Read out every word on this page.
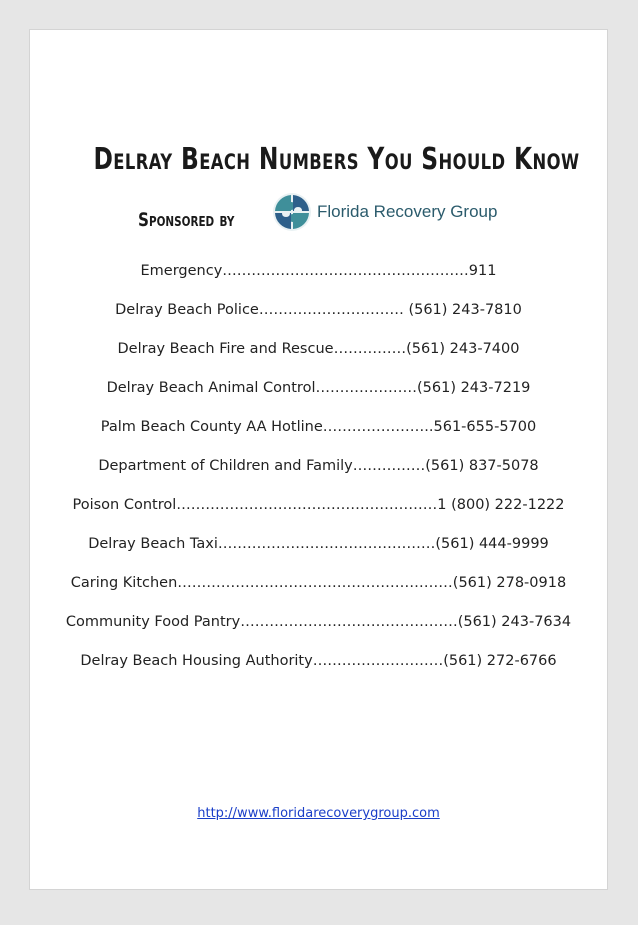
Delray Beach Numbers You Should Know
Sponsored by	Florida Recovery Group
Emergency……………………………………………911
Delray Beach Police………………………… (561) 243-7810
Delray Beach Fire and Rescue……………(561) 243-7400
Delray Beach Animal Control…………………(561) 243-7219
Palm Beach County AA Hotline…………………..561-655-5700
Department of Children and Family……………(561) 837-5078
Poison Control………………………………………………1 (800) 222-1222
Delray Beach Taxi………………………………………(561) 444-9999
Caring Kitchen…………………………………………………(561) 278-0918
Community Food Pantry………………………………………(561) 243-7634
Delray Beach Housing Authority………………………(561) 272-6766
http://www.floridarecoverygroup.com
